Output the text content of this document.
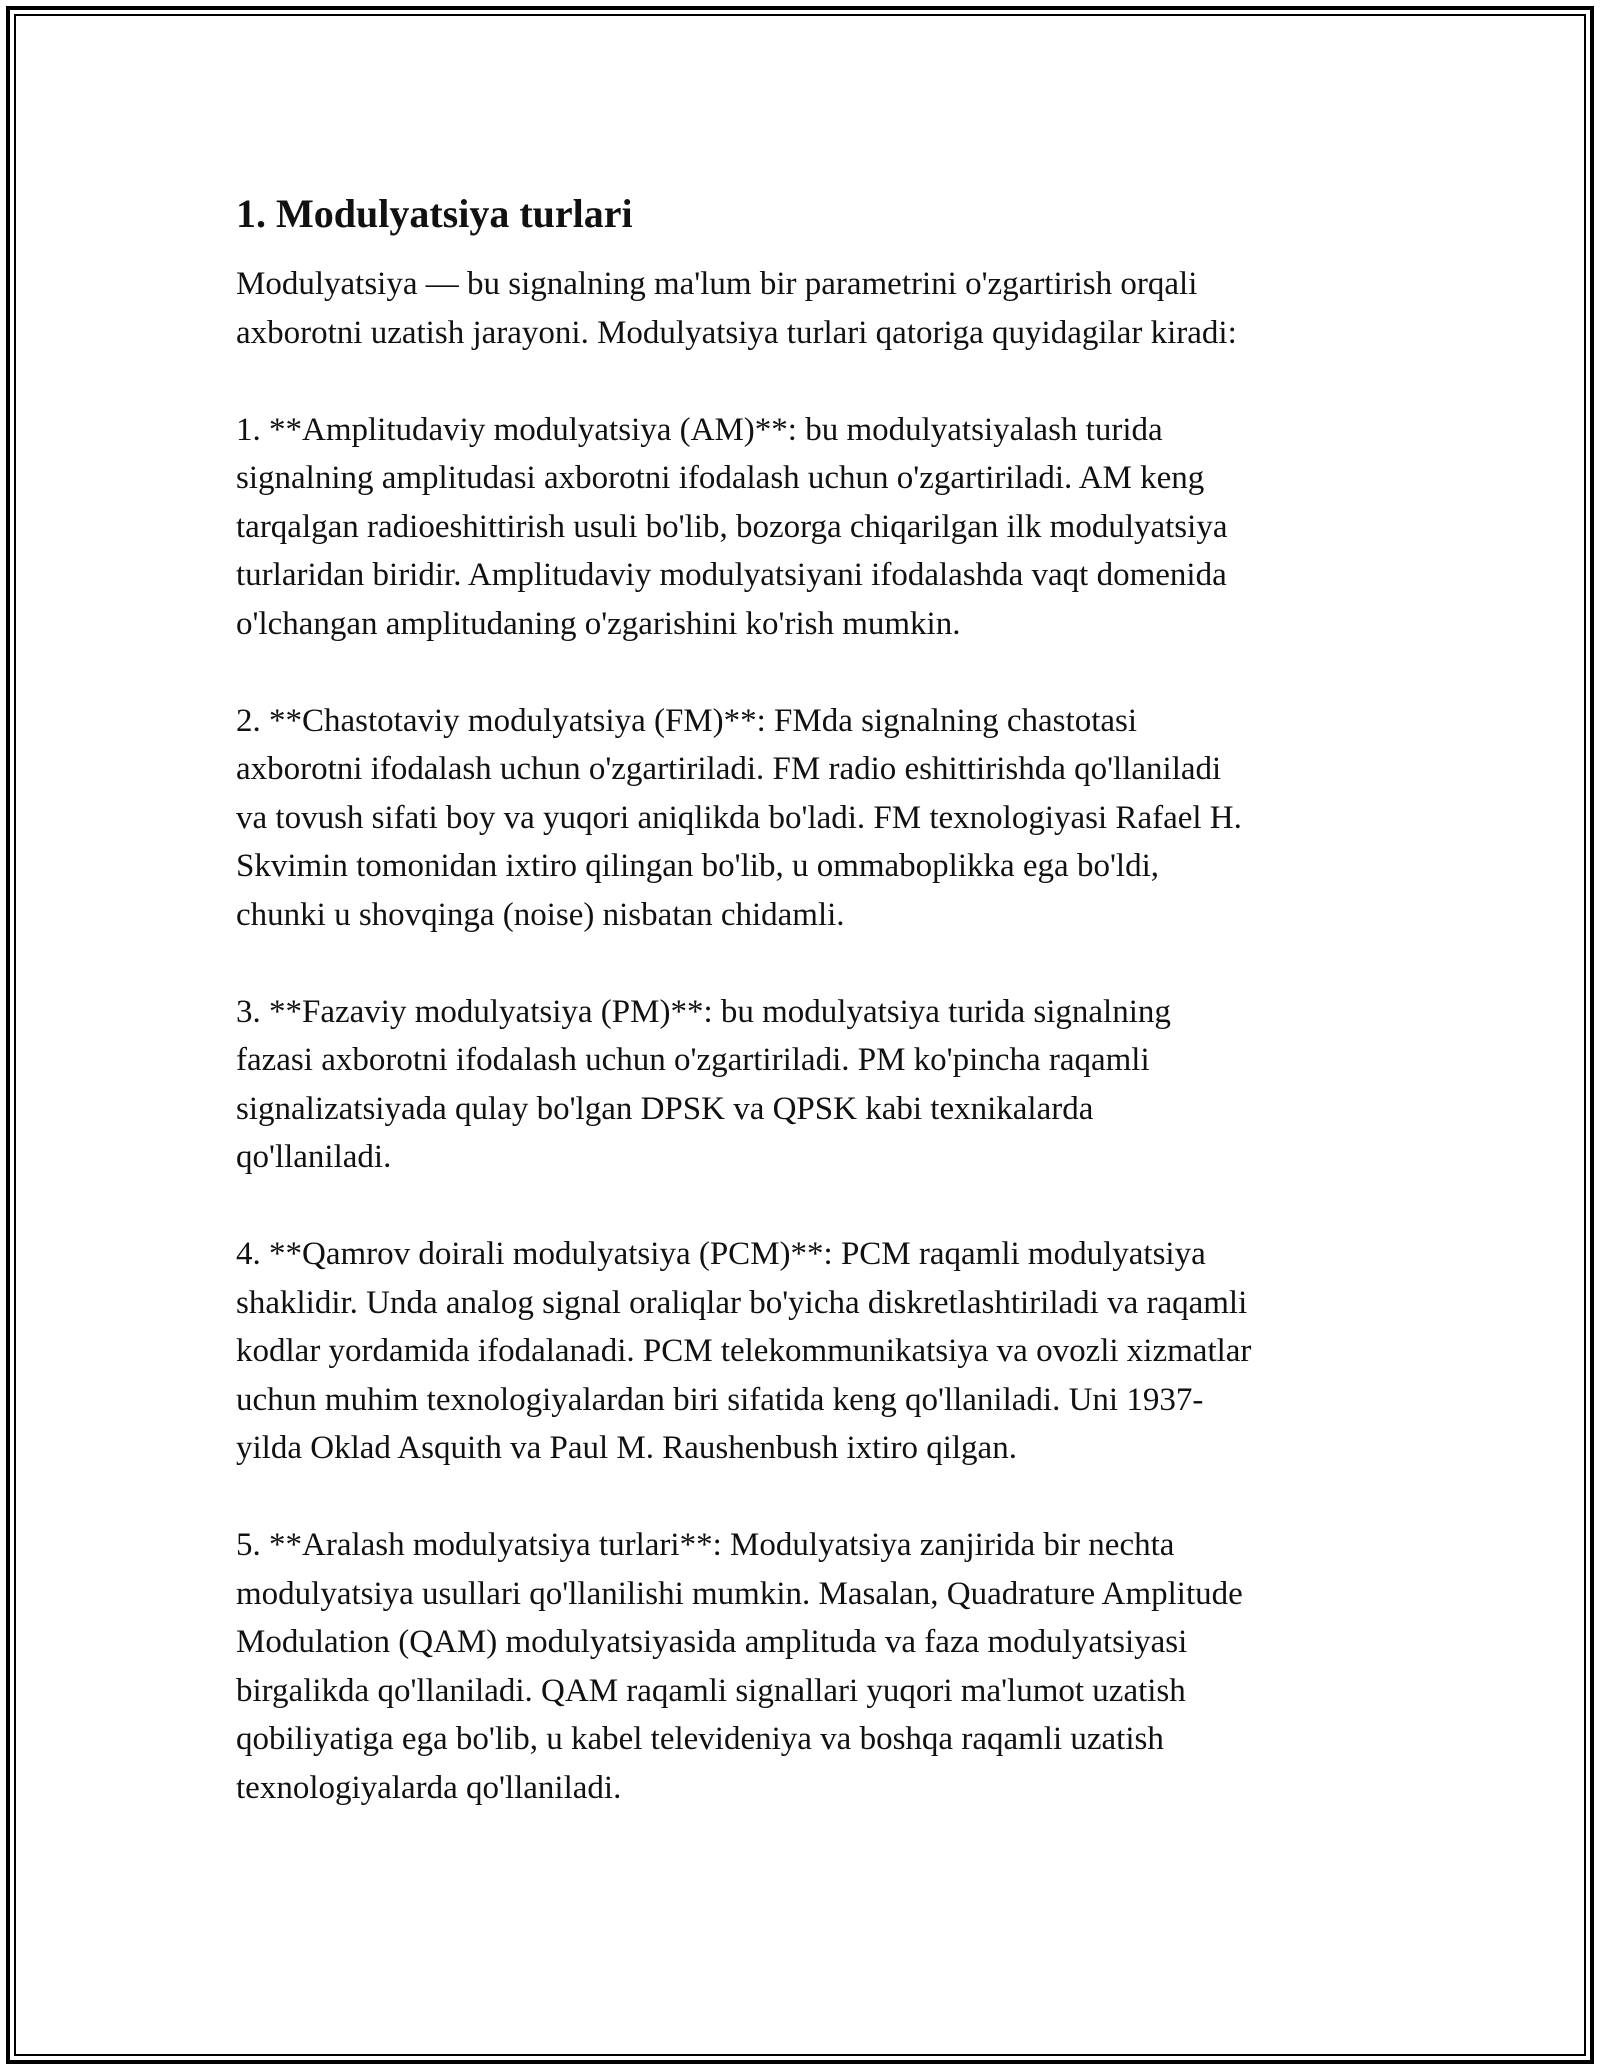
1. Modulyatsiya turlari

Modulyatsiya — bu signalning ma'lum bir parametrini o'zgartirish orqali
axborotni uzatish jarayoni. Modulyatsiya turlari qatoriga quyidagilar kiradi:

1. **Amplitudaviy modulyatsiya (AM)**: bu modulyatsiyalash turida
signalning amplitudasi axborotni ifodalash uchun o'zgartiriladi. AM keng
tarqalgan radioeshittirish usuli bo'lib, bozorga chiqarilgan ilk modulyatsiya
turlaridan biridir. Amplitudaviy modulyatsiyani ifodalashda vaqt domenida
o'lchangan amplitudaning o'zgarishini ko'rish mumkin.

2. **Chastotaviy modulyatsiya (FM)**: FMda signalning chastotasi
axborotni ifodalash uchun o'zgartiriladi. FM radio eshittirishda qo'llaniladi
va tovush sifati boy va yuqori aniqlikda bo'ladi. FM texnologiyasi Rafael H.
Skvimin tomonidan ixtiro qilingan bo'lib, u ommaboplikka ega bo'ldi,
chunki u shovqinga (noise) nisbatan chidamli.

3. **Fazaviy modulyatsiya (PM)**: bu modulyatsiya turida signalning
fazasi axborotni ifodalash uchun o'zgartiriladi. PM ko'pincha raqamli
signalizatsiyada qulay bo'lgan DPSK va QPSK kabi texnikalarda
qo'llaniladi.

4. **Qamrov doirali modulyatsiya (PCM)**: PCM raqamli modulyatsiya
shaklidir. Unda analog signal oraliqlar bo'yicha diskretlashtiriladi va raqamli
kodlar yordamida ifodalanadi. PCM telekommunikatsiya va ovozli xizmatlar
uchun muhim texnologiyalardan biri sifatida keng qo'llaniladi. Uni 1937-
yilda Oklad Asquith va Paul M. Raushenbush ixtiro qilgan.

5. **Aralash modulyatsiya turlari**: Modulyatsiya zanjirida bir nechta
modulyatsiya usullari qo'llanilishi mumkin. Masalan, Quadrature Amplitude
Modulation (QAM) modulyatsiyasida amplituda va faza modulyatsiyasi
birgalikda qo'llaniladi. QAM raqamli signallari yuqori ma'lumot uzatish
qobiliyatiga ega bo'lib, u kabel televideniya va boshqa raqamli uzatish
texnologiyalarda qo'llaniladi.
